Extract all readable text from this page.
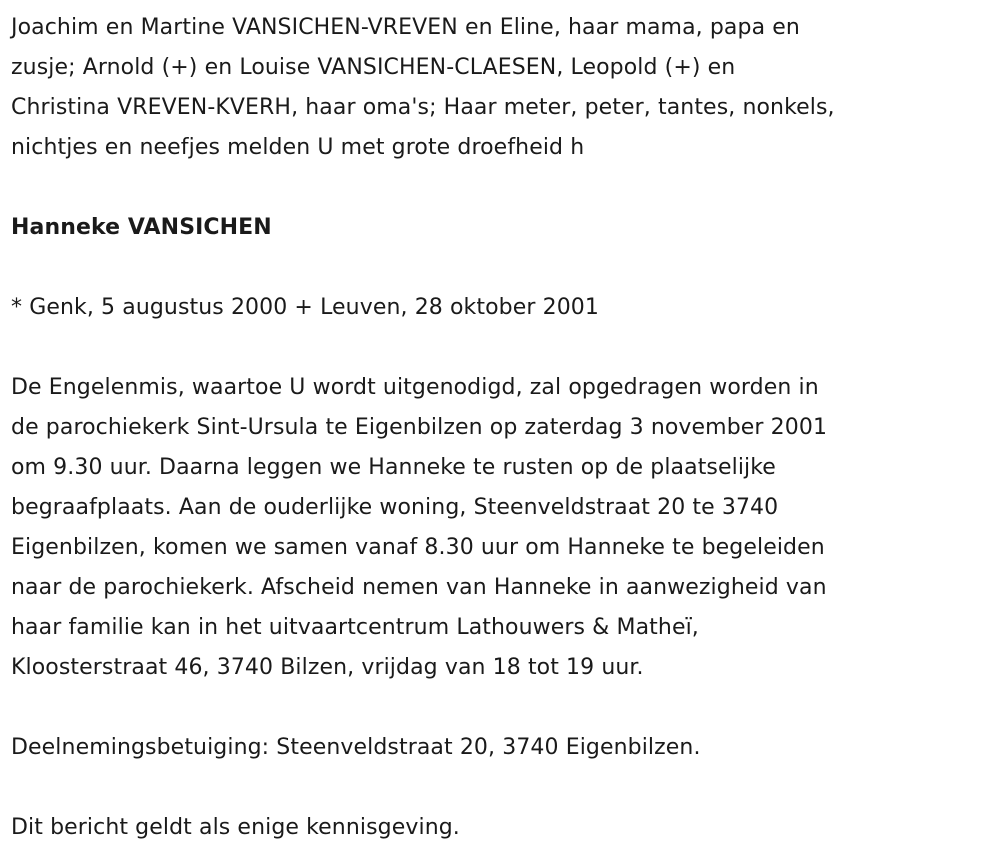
Joachim en Martine VANSICHEN-VREVEN en Eline, haar mama, papa en
zusje; Arnold (+) en Louise VANSICHEN-CLAESEN, Leopold (+) en
Christina VREVEN-KVERH, haar oma's; Haar meter, peter, tantes, nonkels,
nichtjes en neefjes melden U met grote droefheid h

Hanneke VANSICHEN

* Genk, 5 augustus 2000 + Leuven, 28 oktober 2001

De Engelenmis, waartoe U wordt uitgenodigd, zal opgedragen worden in
de parochiekerk Sint-Ursula te Eigenbilzen op zaterdag 3 november 2001
om 9.30 uur. Daarna leggen we Hanneke te rusten op de plaatselijke
begraafplaats. Aan de ouderlijke woning, Steenveldstraat 20 te 3740
Eigenbilzen, komen we samen vanaf 8.30 uur om Hanneke te begeleiden
naar de parochiekerk. Afscheid nemen van Hanneke in aanwezigheid van
haar familie kan in het uitvaartcentrum Lathouwers & Matheï,
Kloosterstraat 46, 3740 Bilzen, vrijdag van 18 tot 19 uur.

Deelnemingsbetuiging: Steenveldstraat 20, 3740 Eigenbilzen.

Dit bericht geldt als enige kennisgeving.
